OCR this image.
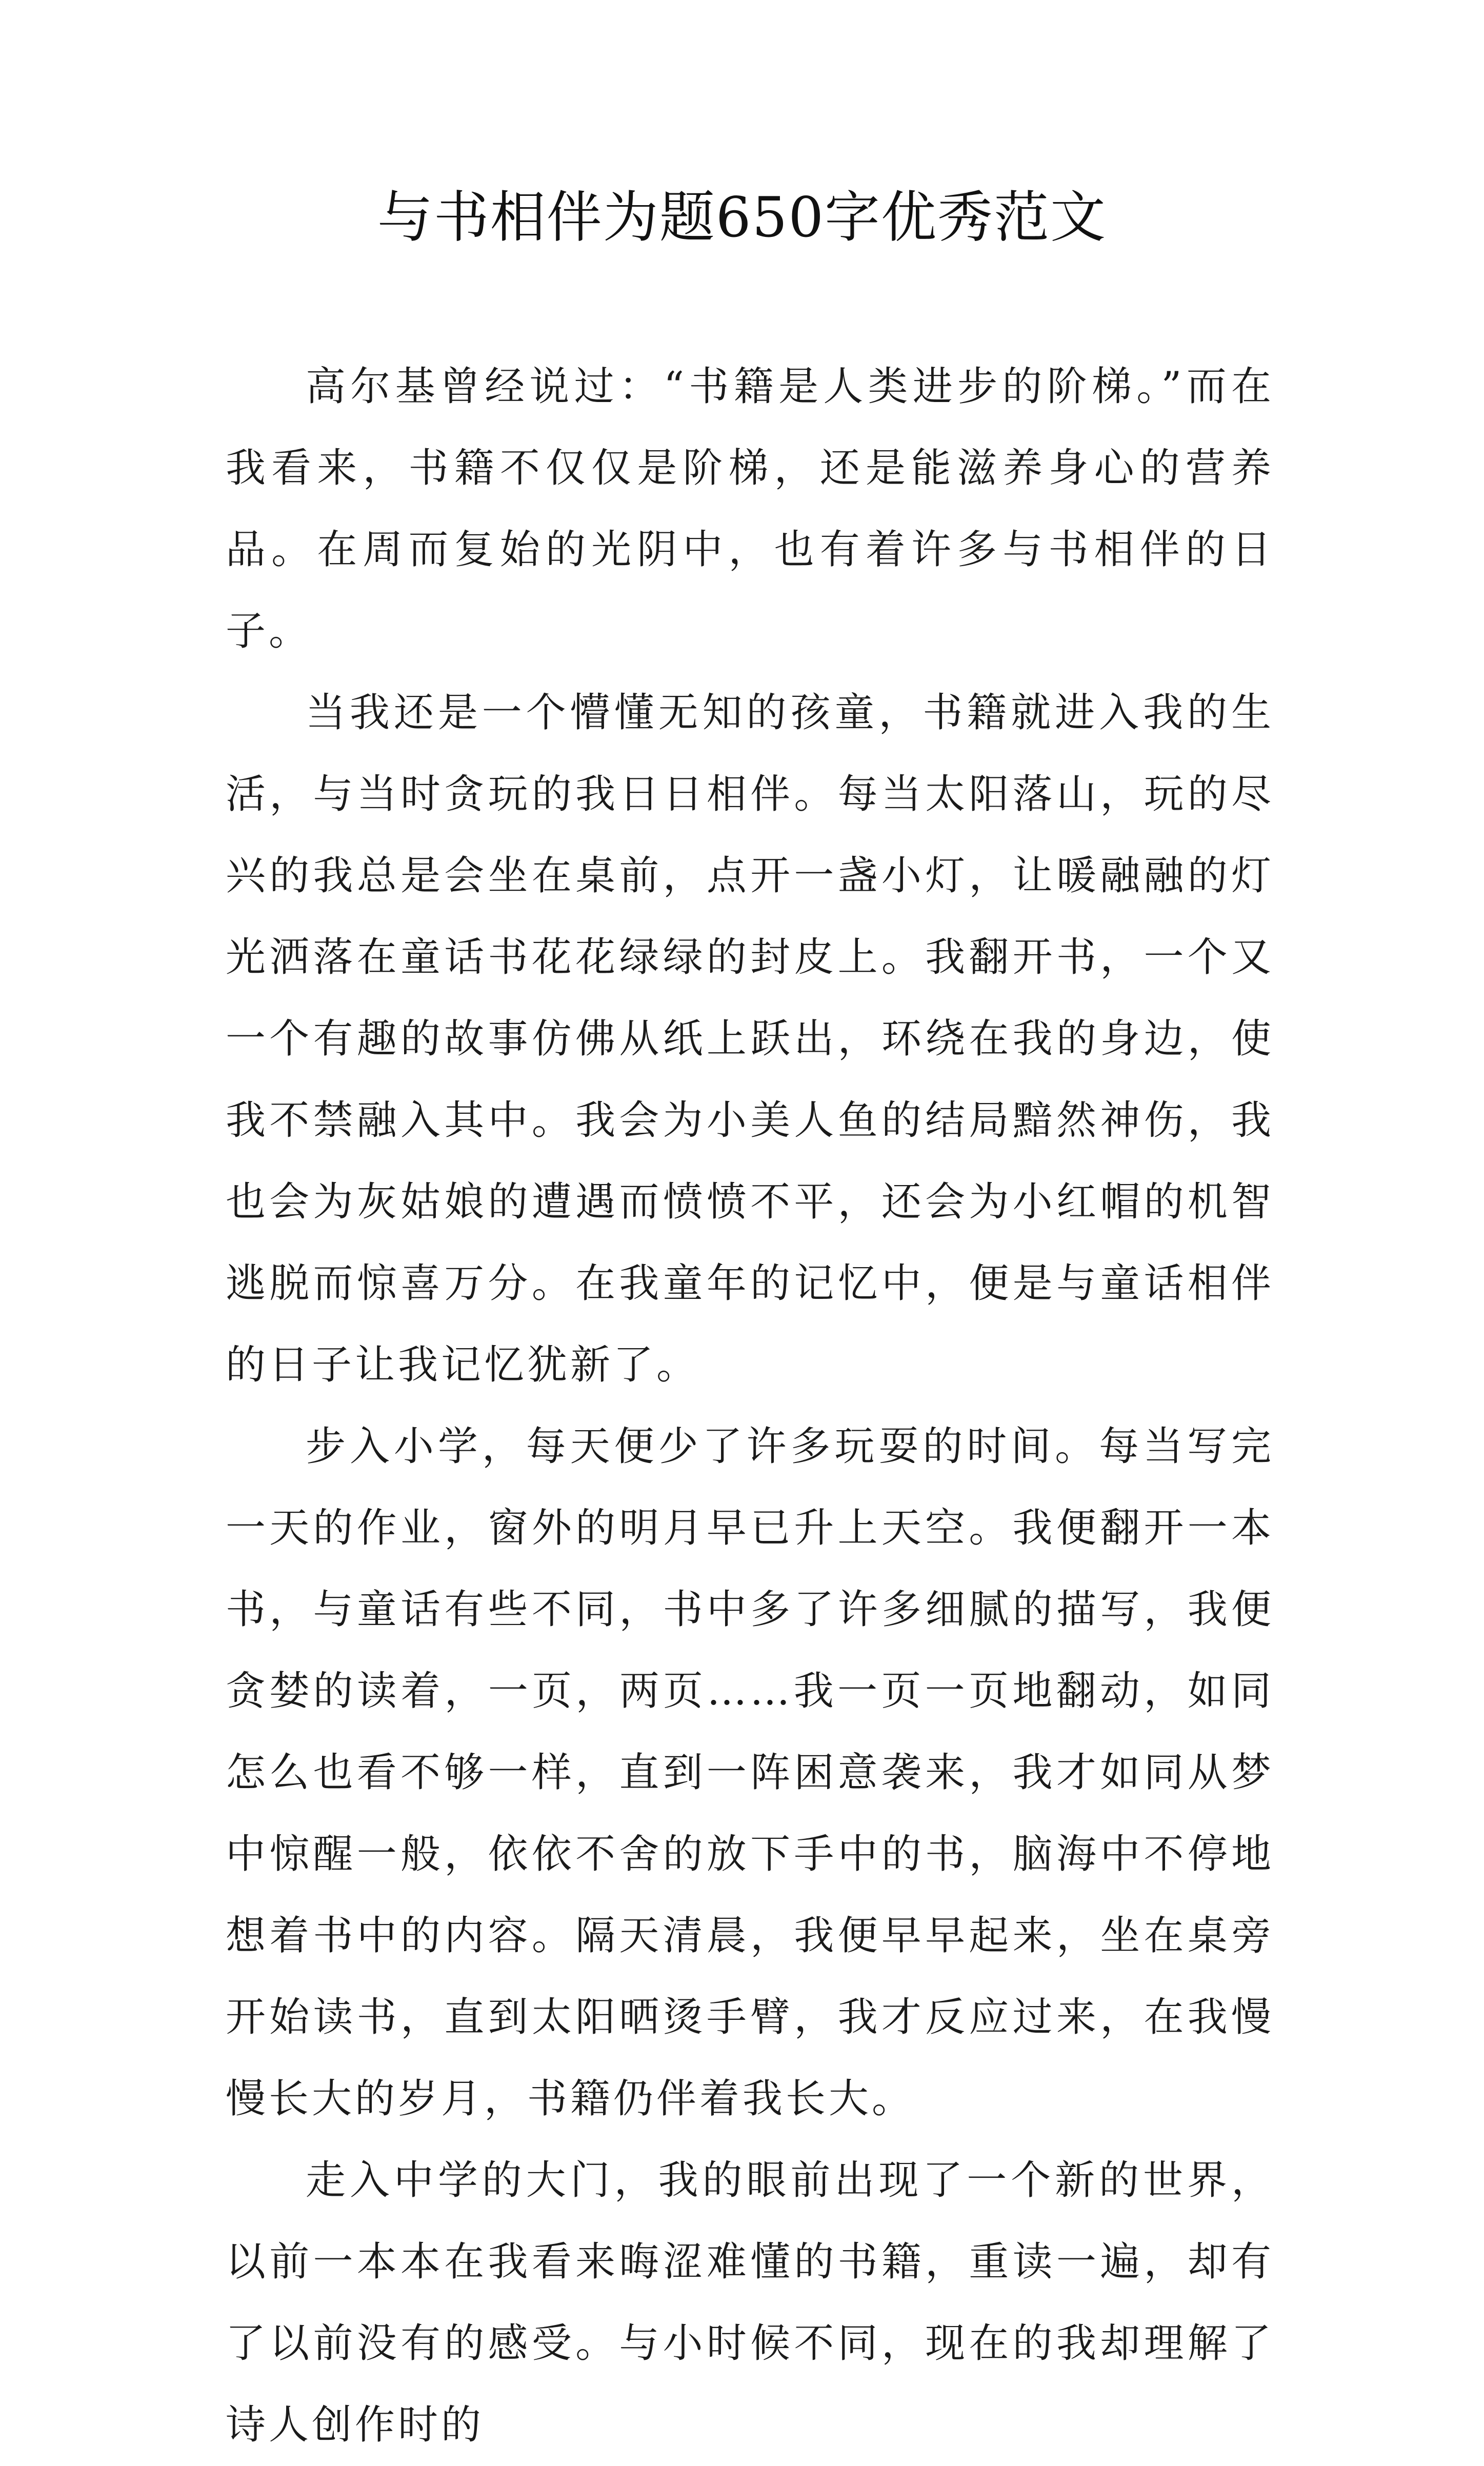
与书相伴为题650字优秀范文

高尔基曾经说过：“书籍是人类进步的阶梯。”而在我看来，书籍不仅仅是阶梯，还是能滋养身心的营养品。在周而复始的光阴中，也有着许多与书相伴的日子。

当我还是一个懵懂无知的孩童，书籍就进入我的生活，与当时贪玩的我日日相伴。每当太阳落山，玩的尽兴的我总是会坐在桌前，点开一盏小灯，让暖融融的灯光洒落在童话书花花绿绿的封皮上。我翻开书，一个又一个有趣的故事仿佛从纸上跃出，环绕在我的身边，使我不禁融入其中。我会为小美人鱼的结局黯然神伤，我也会为灰姑娘的遭遇而愤愤不平，还会为小红帽的机智逃脱而惊喜万分。在我童年的记忆中，便是与童话相伴的日子让我记忆犹新了。

步入小学，每天便少了许多玩耍的时间。每当写完一天的作业，窗外的明月早已升上天空。我便翻开一本书，与童话有些不同，书中多了许多细腻的描写，我便贪婪的读着，一页，两页……我一页一页地翻动，如同怎么也看不够一样，直到一阵困意袭来，我才如同从梦中惊醒一般，依依不舍的放下手中的书，脑海中不停地想着书中的内容。隔天清晨，我便早早起来，坐在桌旁开始读书，直到太阳晒烫手臂，我才反应过来，在我慢慢长大的岁月，书籍仍伴着我长大。

走入中学的大门，我的眼前出现了一个新的世界，以前一本本在我看来晦涩难懂的书籍，重读一遍，却有了以前没有的感受。与小时候不同，现在的我却理解了诗人创作时的
